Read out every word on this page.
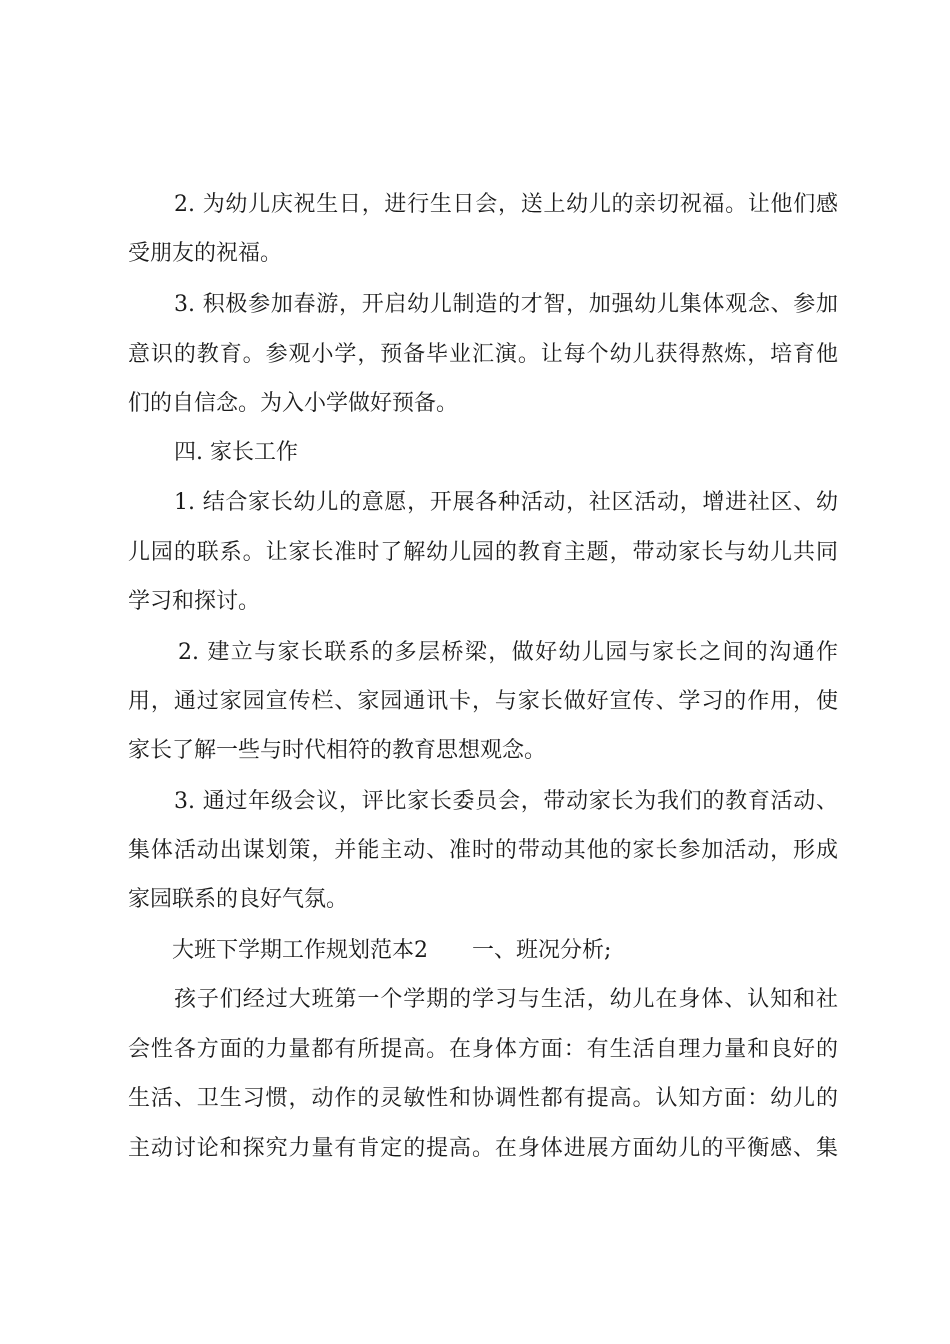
2. 为幼儿庆祝生日，进行生日会，送上幼儿的亲切祝福。让他们感
受朋友的祝福。
3. 积极参加春游，开启幼儿制造的才智，加强幼儿集体观念、参加
意识的教育。参观小学，预备毕业汇演。让每个幼儿获得熬炼，培育他
们的自信念。为入小学做好预备。
四. 家长工作
1. 结合家长幼儿的意愿，开展各种活动，社区活动，增进社区、幼
儿园的联系。让家长准时了解幼儿园的教育主题，带动家长与幼儿共同
学习和探讨。
2. 建立与家长联系的多层桥梁，做好幼儿园与家长之间的沟通作
用，通过家园宣传栏、家园通讯卡，与家长做好宣传、学习的作用，使
家长了解一些与时代相符的教育思想观念。
3. 通过年级会议，评比家长委员会，带动家长为我们的教育活动、
集体活动出谋划策，并能主动、准时的带动其他的家长参加活动，形成
家园联系的良好气氛。
大班下学期工作规划范本2　　一、班况分析;
孩子们经过大班第一个学期的学习与生活，幼儿在身体、认知和社
会性各方面的力量都有所提高。在身体方面：有生活自理力量和良好的
生活、卫生习惯，动作的灵敏性和协调性都有提高。认知方面：幼儿的
主动讨论和探究力量有肯定的提高。在身体进展方面幼儿的平衡感、集
